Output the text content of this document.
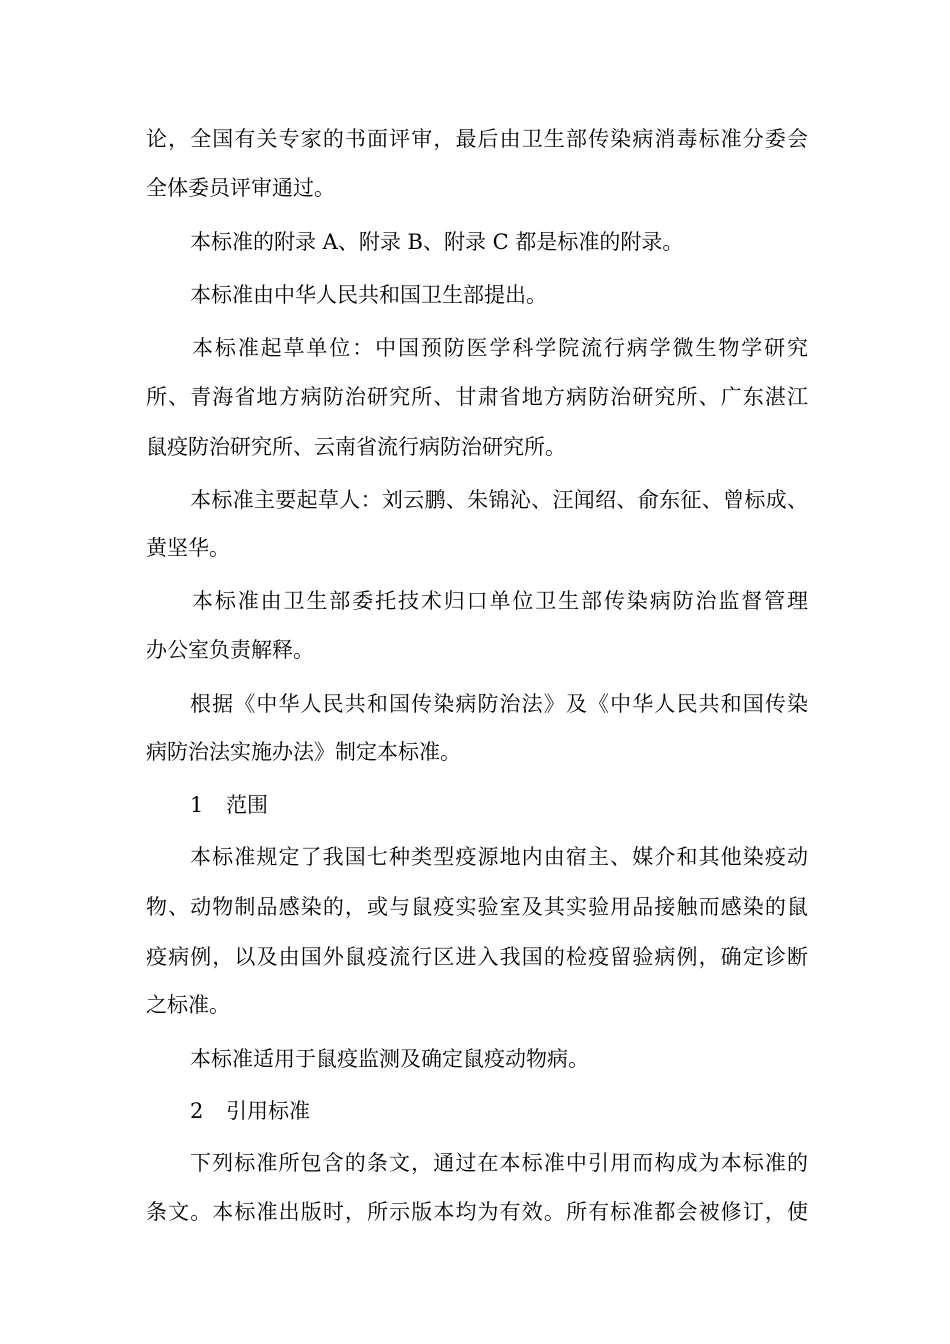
论，全国有关专家的书面评审，最后由卫生部传染病消毒标准分委会
全体委员评审通过。
本标准的附录 A、附录 B、附录 C 都是标准的附录。
本标准由中华人民共和国卫生部提出。
本标准起草单位：中国预防医学科学院流行病学微生物学研究
所、青海省地方病防治研究所、甘肃省地方病防治研究所、广东湛江
鼠疫防治研究所、云南省流行病防治研究所。
本标准主要起草人：刘云鹏、朱锦沁、汪闻绍、俞东征、曾标成、
黄坚华。
本标准由卫生部委托技术归口单位卫生部传染病防治监督管理
办公室负责解释。
根据《中华人民共和国传染病防治法》及《中华人民共和国传染
病防治法实施办法》制定本标准。
1 范围
本标准规定了我国七种类型疫源地内由宿主、媒介和其他染疫动
物、动物制品感染的，或与鼠疫实验室及其实验用品接触而感染的鼠
疫病例，以及由国外鼠疫流行区进入我国的检疫留验病例，确定诊断
之标准。
本标准适用于鼠疫监测及确定鼠疫动物病。
2 引用标准
下列标准所包含的条文，通过在本标准中引用而构成为本标准的
条文。本标准出版时，所示版本均为有效。所有标准都会被修订，使
